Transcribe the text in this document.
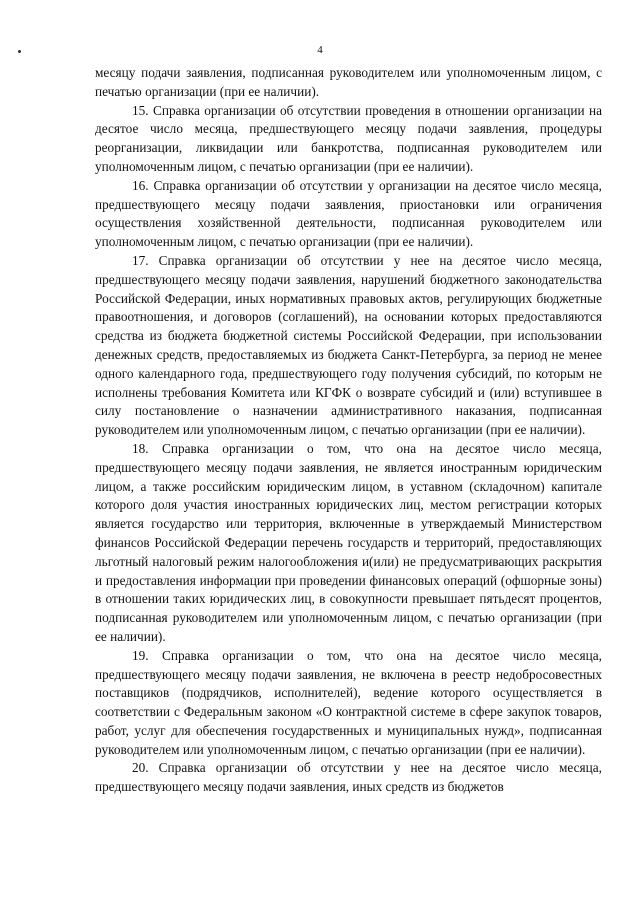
4

месяцу подачи заявления, подписанная руководителем или уполномоченным лицом, с печатью организации (при ее наличии).

15. Справка организации об отсутствии проведения в отношении организации на десятое число месяца, предшествующего месяцу подачи заявления, процедуры реорганизации, ликвидации или банкротства, подписанная руководителем или уполномоченным лицом, с печатью организации (при ее наличии).

16. Справка организации об отсутствии у организации на десятое число месяца, предшествующего месяцу подачи заявления, приостановки или ограничения осуществления хозяйственной деятельности, подписанная руководителем или уполномоченным лицом, с печатью организации (при ее наличии).

17. Справка организации об отсутствии у нее на десятое число месяца, предшествующего месяцу подачи заявления, нарушений бюджетного законодательства Российской Федерации, иных нормативных правовых актов, регулирующих бюджетные правоотношения, и договоров (соглашений), на основании которых предоставляются средства из бюджета бюджетной системы Российской Федерации, при использовании денежных средств, предоставляемых из бюджета Санкт-Петербурга, за период не менее одного календарного года, предшествующего году получения субсидий, по которым не исполнены требования Комитета или КГФК о возврате субсидий и (или) вступившее в силу постановление о назначении административного наказания, подписанная руководителем или уполномоченным лицом, с печатью организации (при ее наличии).

18. Справка организации о том, что она на десятое число месяца, предшествующего месяцу подачи заявления, не является иностранным юридическим лицом, а также российским юридическим лицом, в уставном (складочном) капитале которого доля участия иностранных юридических лиц, местом регистрации которых является государство или территория, включенные в утверждаемый Министерством финансов Российской Федерации перечень государств и территорий, предоставляющих льготный налоговый режим налогообложения и(или) не предусматривающих раскрытия и предоставления информации при проведении финансовых операций (офшорные зоны) в отношении таких юридических лиц, в совокупности превышает пятьдесят процентов, подписанная руководителем или уполномоченным лицом, с печатью организации (при ее наличии).

19. Справка организации о том, что она на десятое число месяца, предшествующего месяцу подачи заявления, не включена в реестр недобросовестных поставщиков (подрядчиков, исполнителей), ведение которого осуществляется в соответствии с Федеральным законом «О контрактной системе в сфере закупок товаров, работ, услуг для обеспечения государственных и муниципальных нужд», подписанная руководителем или уполномоченным лицом, с печатью организации (при ее наличии).

20. Справка организации об отсутствии у нее на десятое число месяца, предшествующего месяцу подачи заявления, иных средств из бюджетов
